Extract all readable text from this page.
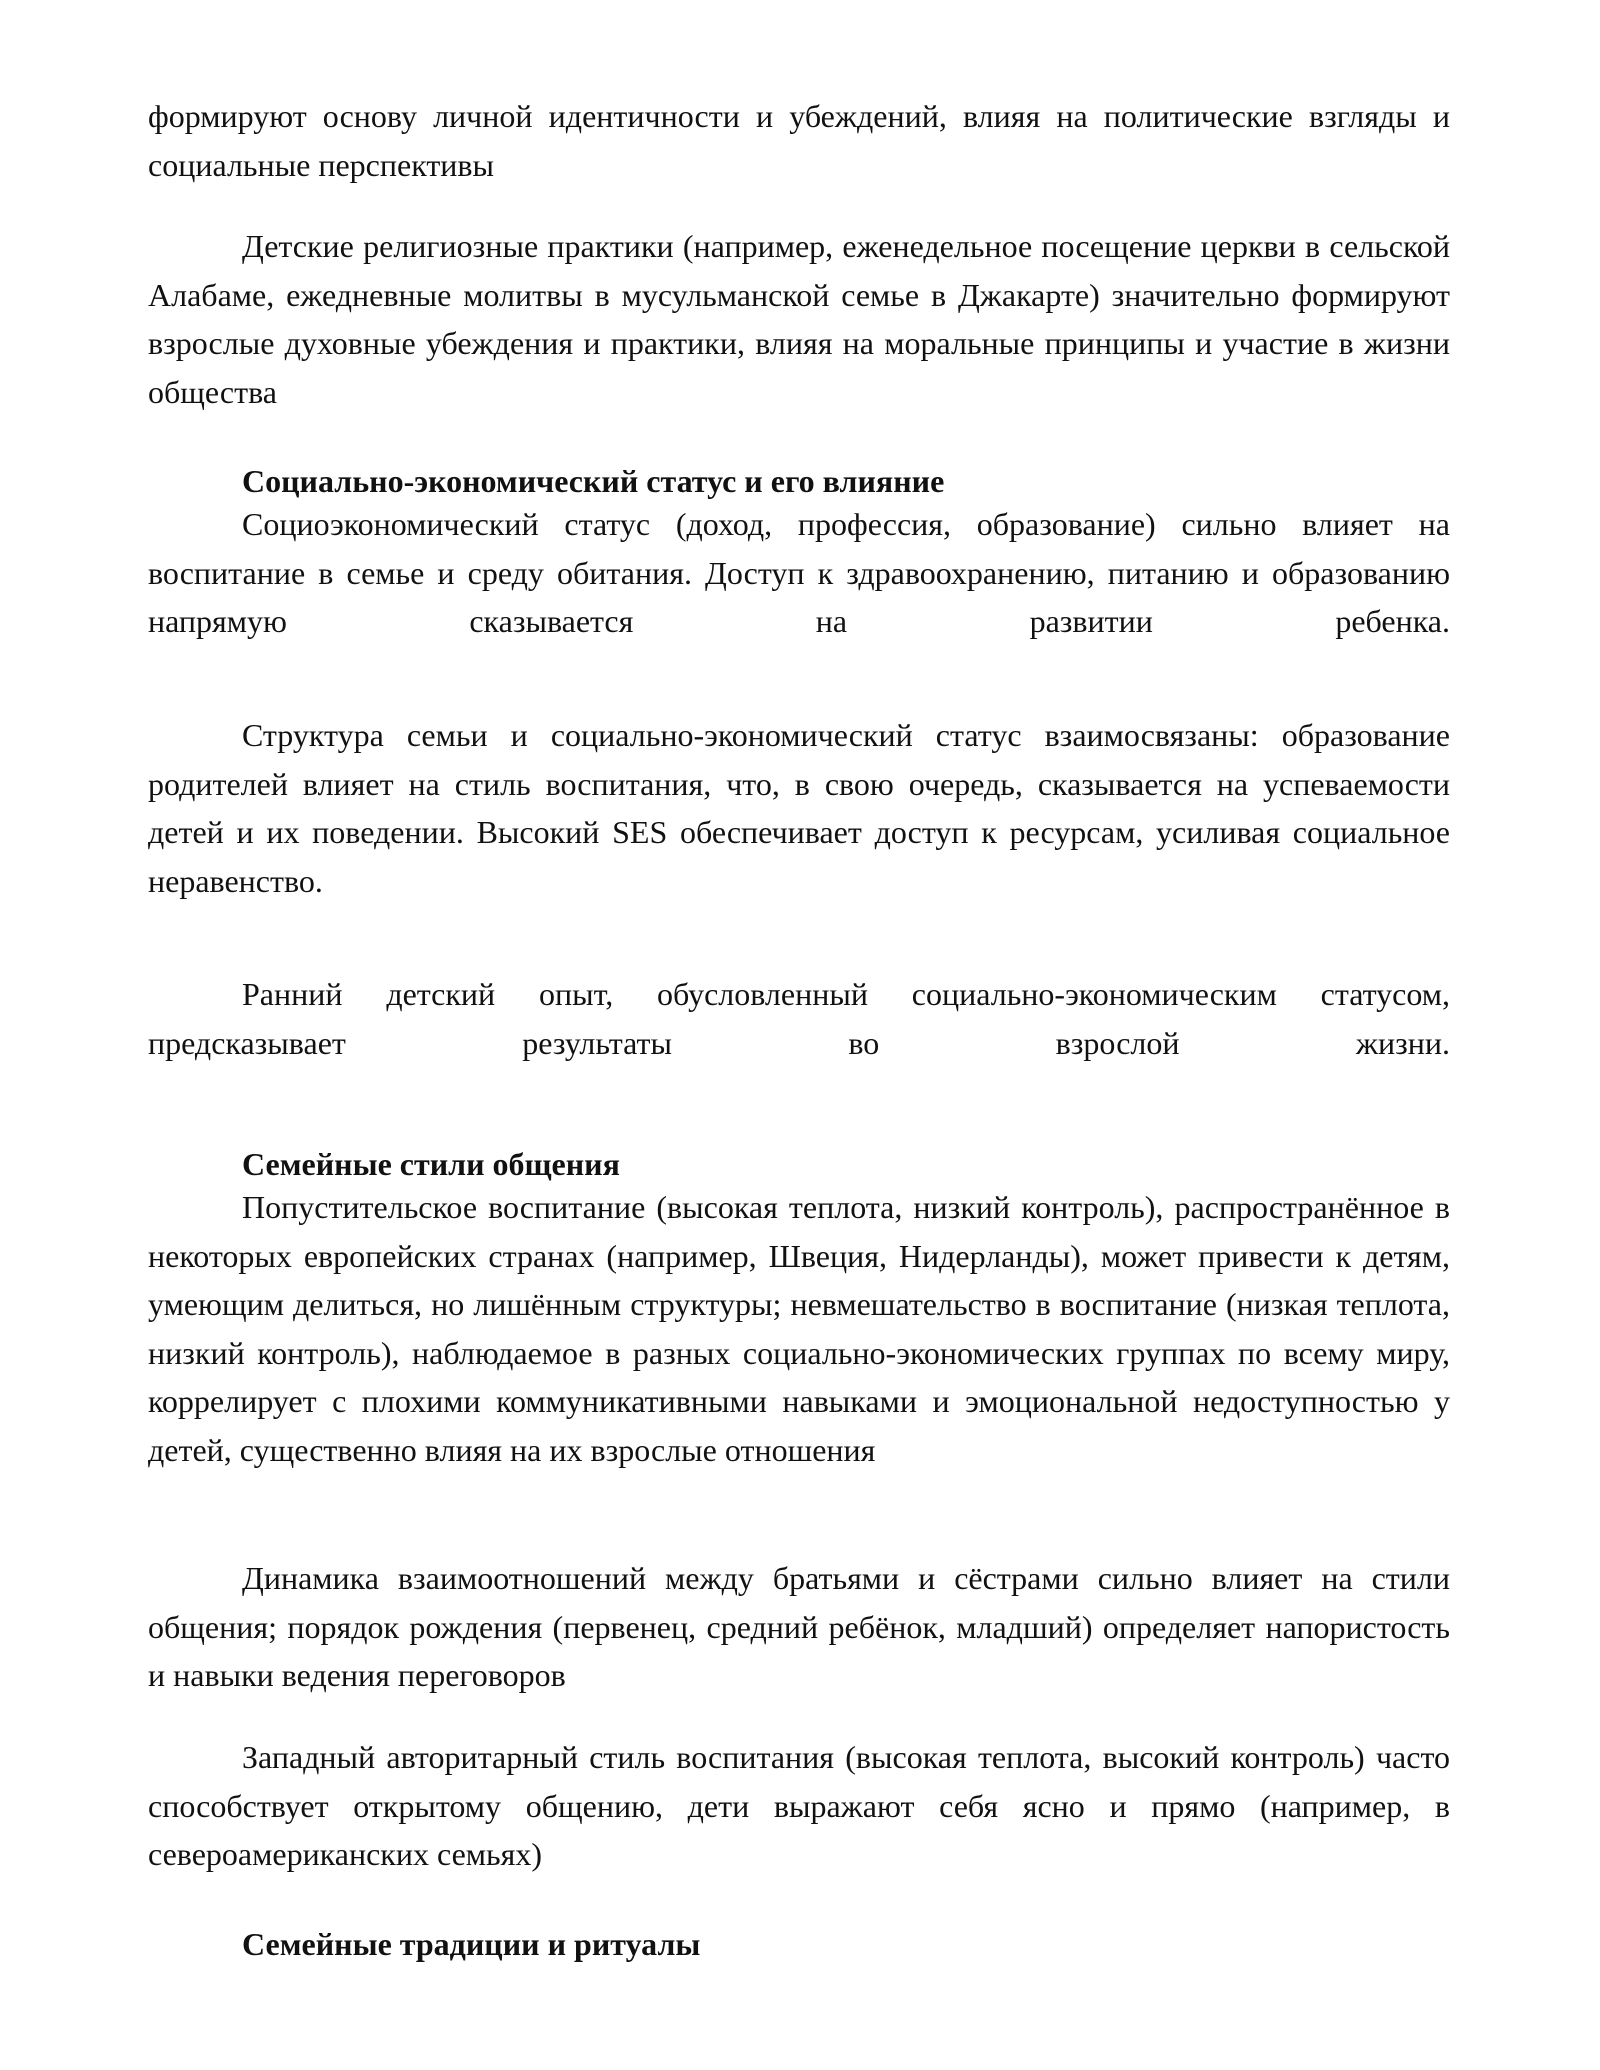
формируют основу личной идентичности и убеждений, влияя на политические взгляды и социальные перспективы

Детские религиозные практики (например, еженедельное посещение церкви в сельской Алабаме, ежедневные молитвы в мусульманской семье в Джакарте) значительно формируют взрослые духовные убеждения и практики, влияя на моральные принципы и участие в жизни общества

Социально-экономический статус и его влияние

Социоэкономический статус (доход, профессия, образование) сильно влияет на воспитание в семье и среду обитания. Доступ к здравоохранению, питанию и образованию напрямую сказывается на развитии ребенка.

Структура семьи и социально-экономический статус взаимосвязаны: образование родителей влияет на стиль воспитания, что, в свою очередь, сказывается на успеваемости детей и их поведении. Высокий SES обеспечивает доступ к ресурсам, усиливая социальное неравенство.

Ранний детский опыт, обусловленный социально-экономическим статусом, предсказывает результаты во взрослой жизни.

Семейные стили общения

Попустительское воспитание (высокая теплота, низкий контроль), распространённое в некоторых европейских странах (например, Швеция, Нидерланды), может привести к детям, умеющим делиться, но лишённым структуры; невмешательство в воспитание (низкая теплота, низкий контроль), наблюдаемое в разных социально-экономических группах по всему миру, коррелирует с плохими коммуникативными навыками и эмоциональной недоступностью у детей, существенно влияя на их взрослые отношения

Динамика взаимоотношений между братьями и сёстрами сильно влияет на стили общения; порядок рождения (первенец, средний ребёнок, младший) определяет напористость и навыки ведения переговоров

Западный авторитарный стиль воспитания (высокая теплота, высокий контроль) часто способствует открытому общению, дети выражают себя ясно и прямо (например, в североамериканских семьях)

Семейные традиции и ритуалы
